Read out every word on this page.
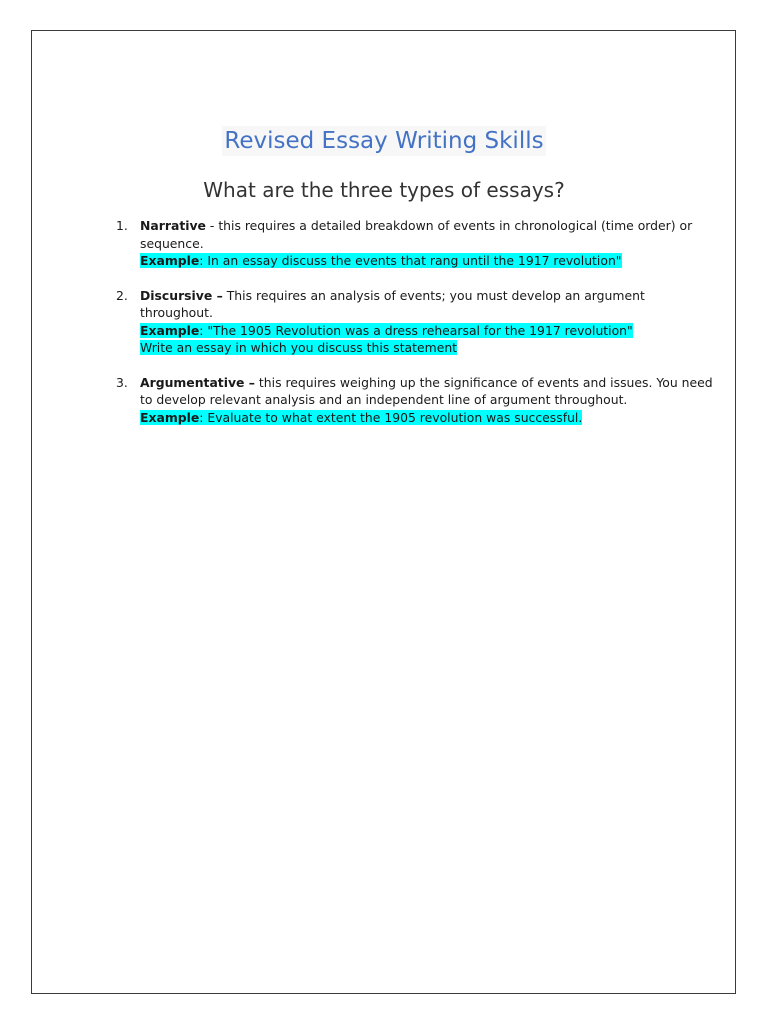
Revised Essay Writing Skills
What are the three types of essays?
1. Narrative - this requires a detailed breakdown of events in chronological (time order) or sequence.
Example: In an essay discuss the events that rang until the 1917 revolution"
2. Discursive – This requires an analysis of events; you must develop an argument throughout.
Example: "The 1905 Revolution was a dress rehearsal for the 1917 revolution"
Write an essay in which you discuss this statement
3. Argumentative – this requires weighing up the significance of events and issues. You need to develop relevant analysis and an independent line of argument throughout.
Example: Evaluate to what extent the 1905 revolution was successful.
